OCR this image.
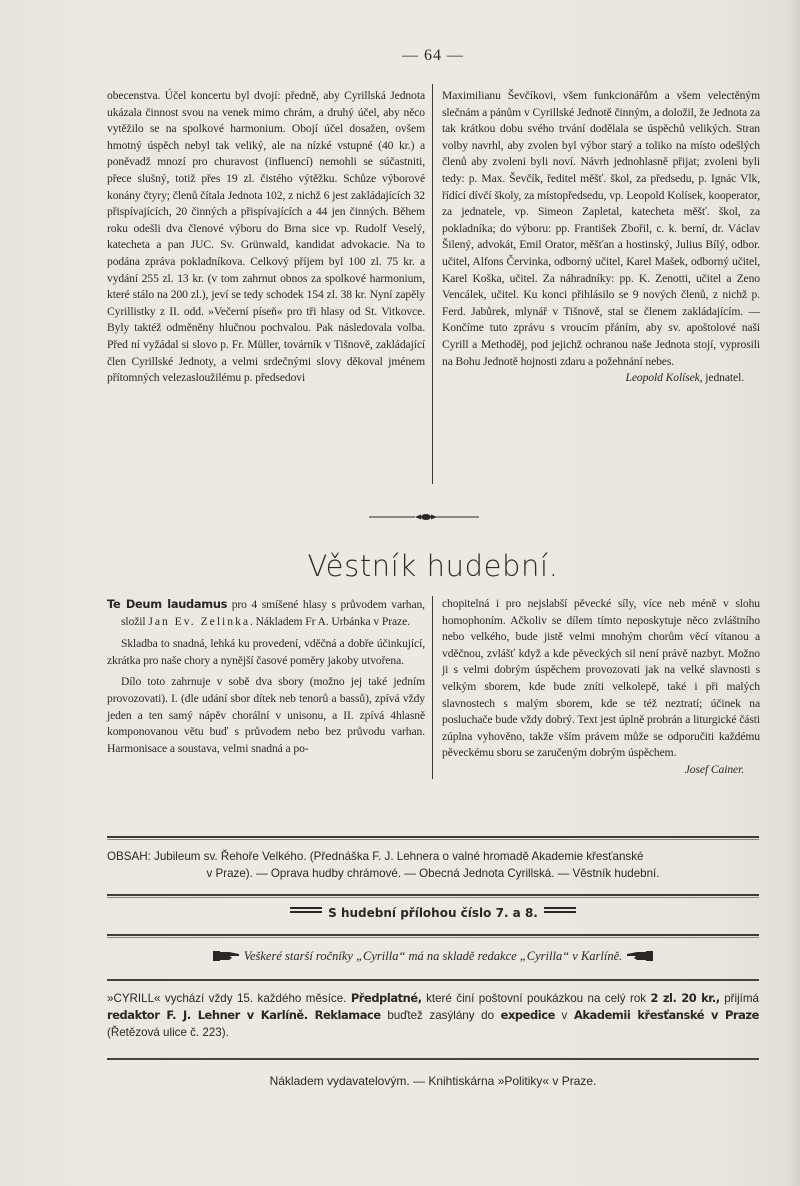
— 64 —

obecenstva. Účel koncertu byl dvojí: předně, aby Cyrillská Jednota ukázala činnost svou na venek mimo chrám, a druhý účel, aby něco vytěžilo se na spolkové harmonium. Obojí účel dosažen, ovšem hmotný úspěch nebyl tak veliký, ale na nízké vstupné (40 kr.) a poněvadž mnozí pro churavost (influencí) nemohli se súčastniti, přece slušný, totiž přes 19 zl. čistého výtěžku. Schůze výborové konány čtyry; členů čítala Jednota 102, z nichž 6 jest zakládajících 32 přispívajících, 20 činných a přispívajících a 44 jen činných. Během roku odešli dva členové výboru do Brna sice vp. Rudolf Veselý, katecheta a pan JUC. Sv. Grünwald, kandidat advokacie. Na to podána zpráva pokladníkova. Celkový příjem byl 100 zl. 75 kr. a vydání 255 zl. 13 kr. (v tom zahrnut obnos za spolkové harmonium, které stálo na 200 zl.), jeví se tedy schodek 154 zl. 38 kr. Nyní zapěly Cyrillistky z II. odd. »Večerní píseň« pro tři hlasy od St. Vitkovce. Byly taktéž odměněny hlučnou pochvalou. Pak následovala volba. Před ní vyžádal si slovo p. Fr. Müller, továrník v Tišnově, zakládající člen Cyrillské Jednoty, a velmi srdečnými slovy děkoval jménem přítomných velezasloužilému p. předsedovi

Maximilianu Ševčíkovi, všem funkcionářům a všem velectěným slečnám a pánům v Cyrillské Jednotě činným, a doložil, že Jednota za tak krátkou dobu svého trvání dodělala se úspěchů velikých. Stran volby navrhl, aby zvolen byl výbor starý a toliko na místo odešlých členů aby zvoleni byli noví. Návrh jednohlasně přijat; zvoleni byli tedy: p. Max. Ševčík, ředitel měšť. škol, za předsedu, p. Ignác Vlk, řídící dívčí školy, za místopředsedu, vp. Leopold Kolísek, kooperator, za jednatele, vp. Simeon Zapletal, katecheta měšť. škol, za pokladníka; do výboru: pp. František Zbořil, c. k. berní, dr. Václav Šilený, advokát, Emil Orator, měšťan a hostinský, Julius Bílý, odbor. učitel, Alfons Červinka, odborný učitel, Karel Mašek, odborný učitel, Karel Koška, učitel. Za náhradníky: pp. K. Zenotti, učitel a Zeno Vencálek, učitel. Ku konci přihlásilo se 9 nových členů, z nichž p. Ferd. Jabůrek, mlynář v Tišnově, stal se členem zakládajícím. — Končíme tuto zprávu s vroucím přáním, aby sv. apoštolové naši Cyrill a Methoděj, pod jejichž ochranou naše Jednota stojí, vyprosili na Bohu Jednotě hojnosti zdaru a požehnání nebes.

Leopold Kolísek, jednatel.

Věstník hudební.

Te Deum laudamus pro 4 smíšené hlasy s průvodem varhan, složil Jan Ev. Zelinka. Nákladem Fr A. Urbánka v Praze.

Skladba to snadná, lehká ku provedení, vděčná a dobře účinkující, zkrátka pro naše chory a nynější časové poměry jakoby utvořena.

Dílo toto zahrnuje v sobě dva sbory (možno jej také jedním provozovati). I. (dle udání sbor dítek neb tenorů a bassů), zpívá vždy jeden a ten samý nápěv chorální v unisonu, a II. zpívá 4hlasně komponovanou větu buď s průvodem nebo bez průvodu varhan. Harmonisace a soustava, velmi snadná a po-

chopitelná i pro nejslabší pěvecké síly, více neb méně v slohu homophoním. Ačkoliv se dílem tímto neposkytuje něco zvláštního nebo velkého, bude jistě velmi mnohým chorům věcí vítanou a vděčnou, zvlášť když a kde pěveckých sil není právě nazbyt. Možno ji s velmi dobrým úspěchem provozovati jak na velké slavnosti s velkým sborem, kde bude zníti velkolepě, také i při malých slavnostech s malým sborem, kde se též neztratí; účinek na posluchače bude vždy dobrý. Text jest úplně probrán a liturgické části zúplna vyhověno, takže vším právem může se odporučiti každému pěveckému sboru se zaručeným dobrým úspěchem.

Josef Cainer.

OBSAH: Jubileum sv. Řehoře Velkého. (Přednáška F. J. Lehnera o valné hromadě Akademie křesťanské
v Praze). — Oprava hudby chrámové. — Obecná Jednota Cyrillská. — Věstník hudební.
S hudební přílohou číslo 7. a 8.
Veškeré starší ročníky „Cyrilla“ má na skladě redakce „Cyrilla“ v Karlíně.
»CYRILL« vychází vždy 15. každého měsíce. Předplatné, které činí poštovní poukázkou na celý rok 2 zl. 20 kr., přijímá redaktor F. J. Lehner v Karlíně. Reklamace buďtež zasýlány do expedice v Akademii křesťanské v Praze (Řetězová ulice č. 223).
Nákladem vydavatelovým. — Knihtiskárna »Politiky« v Praze.
